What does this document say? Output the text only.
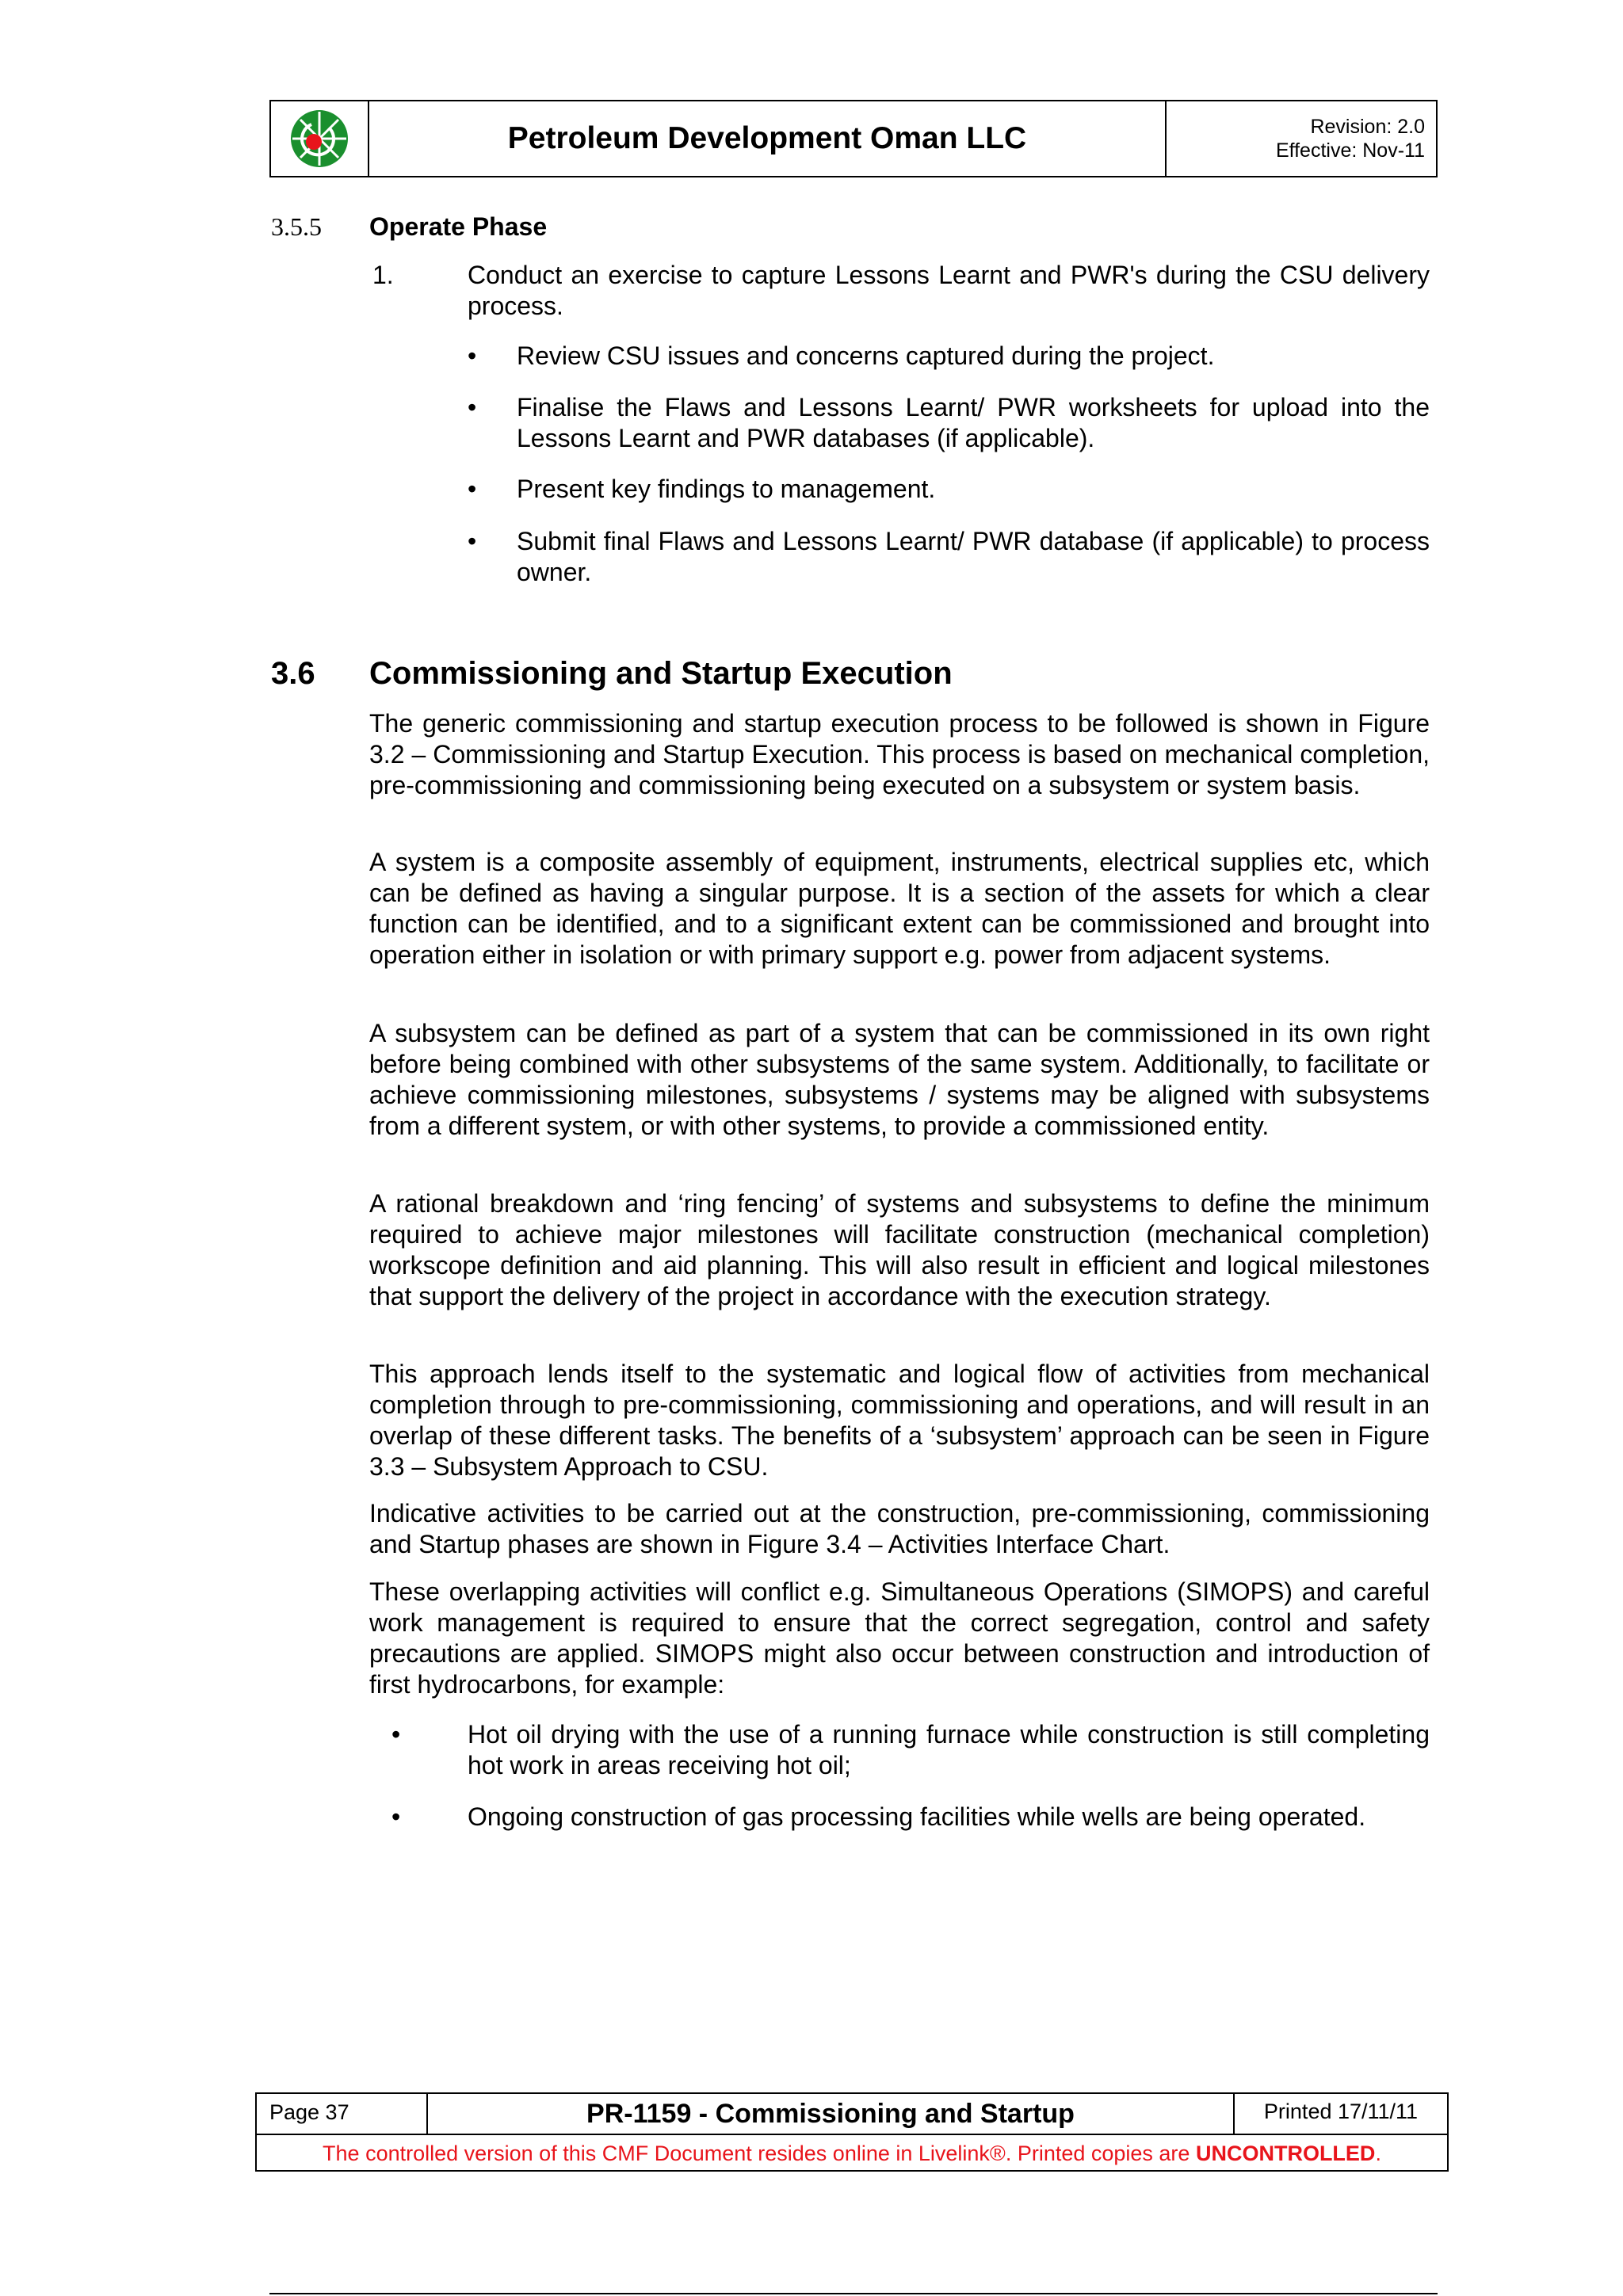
Petroleum Development Oman LLC	Revision: 2.0
Effective: Nov-11
3.5.5 Operate Phase
1.	Conduct an exercise to capture Lessons Learnt and PWR's during the CSU delivery process.
• Review CSU issues and concerns captured during the project.
• Finalise the Flaws and Lessons Learnt/ PWR worksheets for upload into the Lessons Learnt and PWR databases (if applicable).
• Present key findings to management.
• Submit final Flaws and Lessons Learnt/ PWR database (if applicable) to process owner.
3.6 Commissioning and Startup Execution
The generic commissioning and startup execution process to be followed is shown in Figure 3.2 – Commissioning and Startup Execution. This process is based on mechanical completion, pre-commissioning and commissioning being executed on a subsystem or system basis.
A system is a composite assembly of equipment, instruments, electrical supplies etc, which can be defined as having a singular purpose. It is a section of the assets for which a clear function can be identified, and to a significant extent can be commissioned and brought into operation either in isolation or with primary support e.g. power from adjacent systems.
A subsystem can be defined as part of a system that can be commissioned in its own right before being combined with other subsystems of the same system. Additionally, to facilitate or achieve commissioning milestones, subsystems / systems may be aligned with subsystems from a different system, or with other systems, to provide a commissioned entity.
A rational breakdown and ‘ring fencing’ of systems and subsystems to define the minimum required to achieve major milestones will facilitate construction (mechanical completion) workscope definition and aid planning. This will also result in efficient and logical milestones that support the delivery of the project in accordance with the execution strategy.
This approach lends itself to the systematic and logical flow of activities from mechanical completion through to pre-commissioning, commissioning and operations, and will result in an overlap of these different tasks. The benefits of a ‘subsystem’ approach can be seen in Figure 3.3 – Subsystem Approach to CSU.
Indicative activities to be carried out at the construction, pre-commissioning, commissioning and Startup phases are shown in Figure 3.4 – Activities Interface Chart.
These overlapping activities will conflict e.g. Simultaneous Operations (SIMOPS) and careful work management is required to ensure that the correct segregation, control and safety precautions are applied. SIMOPS might also occur between construction and introduction of first hydrocarbons, for example:
•	Hot oil drying with the use of a running furnace while construction is still completing hot work in areas receiving hot oil;
•	Ongoing construction of gas processing facilities while wells are being operated.
Page 37	PR-1159 - Commissioning and Startup	Printed 17/11/11
The controlled version of this CMF Document resides online in Livelink®. Printed copies are UNCONTROLLED.
